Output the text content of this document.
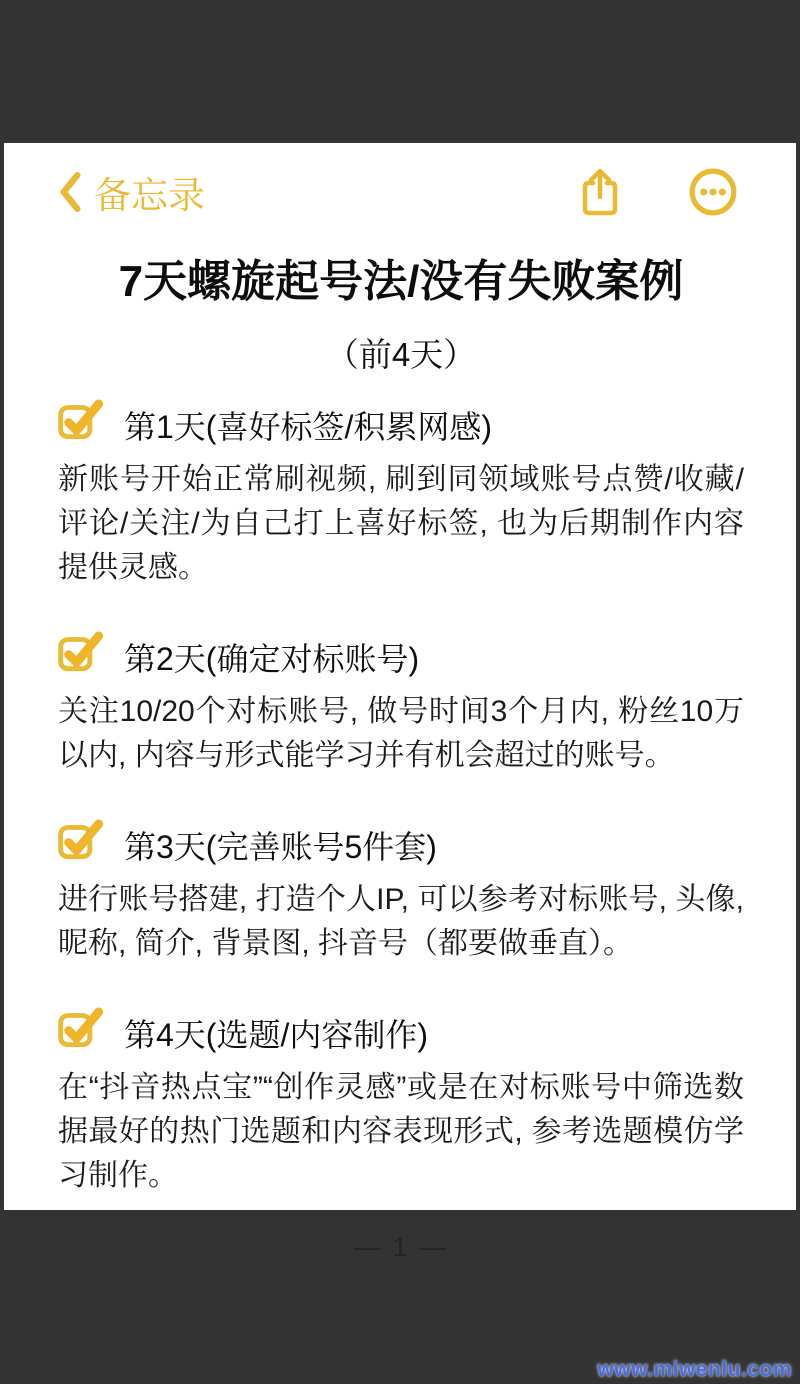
备忘录
7天螺旋起号法/没有失败案例
（前4天）
第1天(喜好标签/积累网感)

新账号开始正常刷视频, 刷到同领域账号点赞/收藏/评论/关注/为自己打上喜好标签, 也为后期制作内容提供灵感。

第2天(确定对标账号)

关注10/20个对标账号, 做号时间3个月内, 粉丝10万以内, 内容与形式能学习并有机会超过的账号。

第3天(完善账号5件套)

进行账号搭建, 打造个人IP, 可以参考对标账号, 头像, 昵称, 简介, 背景图, 抖音号（都要做垂直）。

第4天(选题/内容制作)

在“抖音热点宝”“创作灵感”或是在对标账号中筛选数据最好的热门选题和内容表现形式, 参考选题模仿学习制作。

— 1 —
www.miwenlu.com
